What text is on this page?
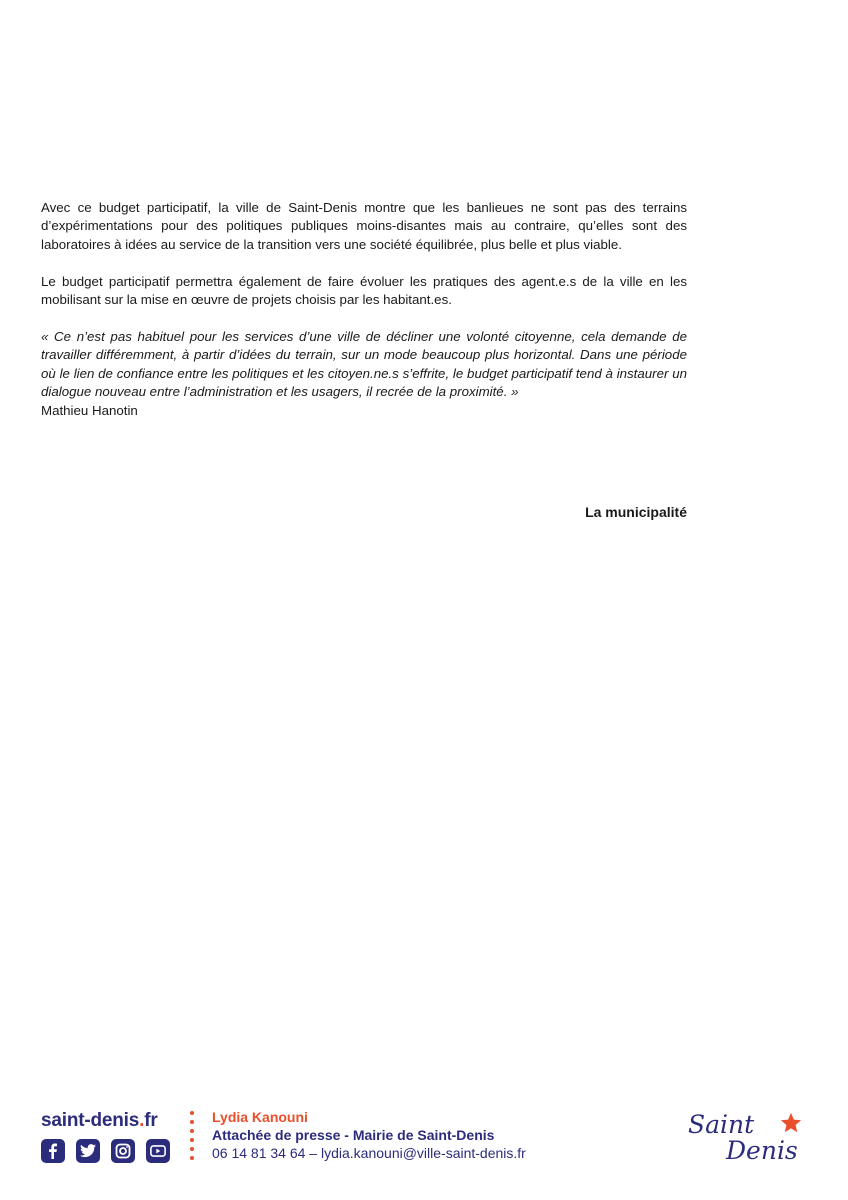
Avec ce budget participatif, la ville de Saint-Denis montre que les banlieues ne sont pas des terrains d’expérimentations pour des politiques publiques moins-disantes mais au contraire, qu’elles sont des laboratoires à idées au service de la transition vers une société équilibrée, plus belle et plus viable.

Le budget participatif permettra également de faire évoluer les pratiques des agent.e.s de la ville en les mobilisant sur la mise en œuvre de projets choisis par les habitant.es.

« Ce n’est pas habituel pour les services d’une ville de décliner une volonté citoyenne, cela demande de travailler différemment, à partir d’idées du terrain, sur un mode beaucoup plus horizontal. Dans une période où le lien de confiance entre les politiques et les citoyen.ne.s s’effrite, le budget participatif tend à instaurer un dialogue nouveau entre l’administration et les usagers, il recrée de la proximité. »

Mathieu Hanotin

La municipalité
saint-denis.fr	Lydia Kanouni
Attachée de presse - Mairie de Saint-Denis
06 14 81 34 64 – lydia.kanouni@ville-saint-denis.fr
Saint
Denis
